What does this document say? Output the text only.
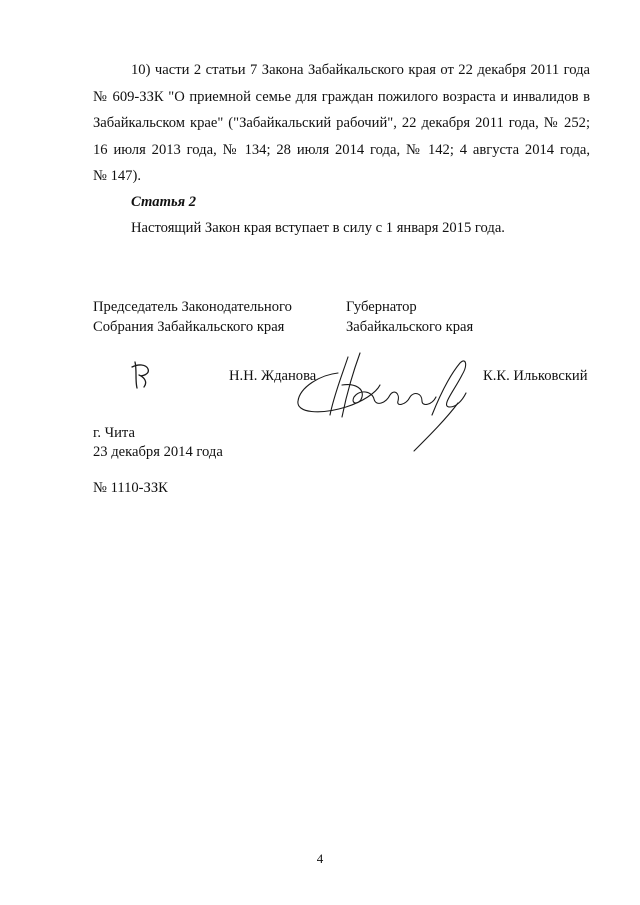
10) части 2 статьи 7 Закона Забайкальского края от 22 декабря 2011 года
№ 609-ЗЗК "О приемной семье для граждан пожилого возраста и инвалидов в
Забайкальском крае" ("Забайкальский рабочий", 22 декабря 2011 года, № 252;
16 июля 2013 года, № 134; 28 июля 2014 года, № 142; 4 августа 2014 года,
№ 147).
Статья 2
Настоящий Закон края вступает в силу с 1 января 2015 года.
Председатель Законодательного
Собрания Забайкальского края
Губернатор
Забайкальского края
Н.Н. Жданова	К.К. Ильковский
г. Чита
23 декабря 2014 года
№ 1110-ЗЗК
4
